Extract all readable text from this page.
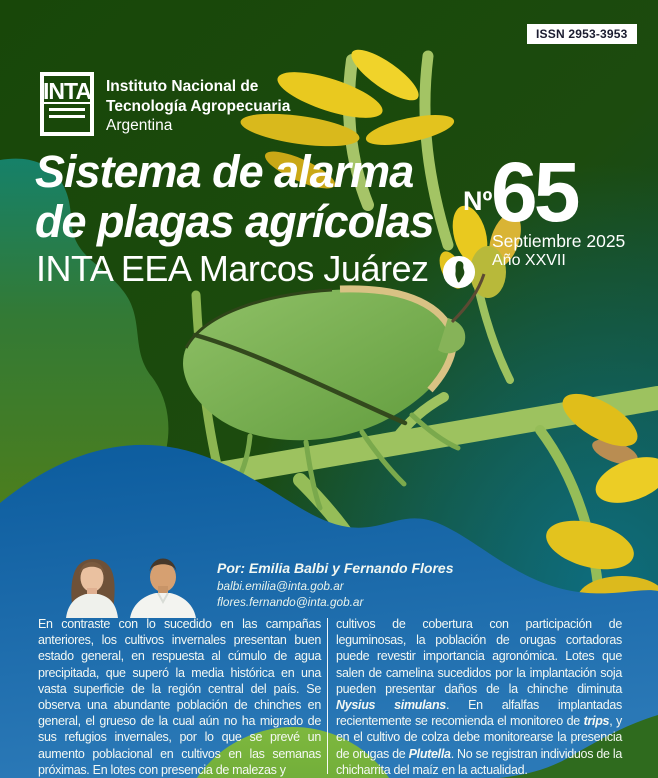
ISSN 2953-3953
INTA Instituto Nacional de
Tecnología Agropecuaria
Argentina
Sistema de alarma
de plagas agrícolas Nº
65
Septiembre 2025
Año XXVII
INTA EEA Marcos Juárez
Por: Emilia Balbi y Fernando Flores
balbi.emilia@inta.gob.ar
flores.fernando@inta.gob.ar
En contraste con lo sucedido en las campañas anteriores, los cultivos invernales presentan buen estado general, en respuesta al cúmulo de agua precipitada, que superó la media histórica en una vasta superficie de la región central del país. Se observa una abundante población de chinches en general, el grueso de la cual aún no ha migrado de sus refugios invernales, por lo que se prevé un aumento poblacional en cultivos en las semanas próximas. En lotes con presencia de malezas y
cultivos de cobertura con participación de leguminosas, la población de orugas cortadoras puede revestir importancia agronómica. Lotes que salen de camelina sucedidos por la implantación soja pueden presentar daños de la chinche diminuta Nysius simulans. En alfalfas implantadas recientemente se recomienda el monitoreo de trips, y en el cultivo de colza debe monitorearse la presencia de orugas de Plutella. No se registran individuos de la chicharrita del maíz en la actualidad.
